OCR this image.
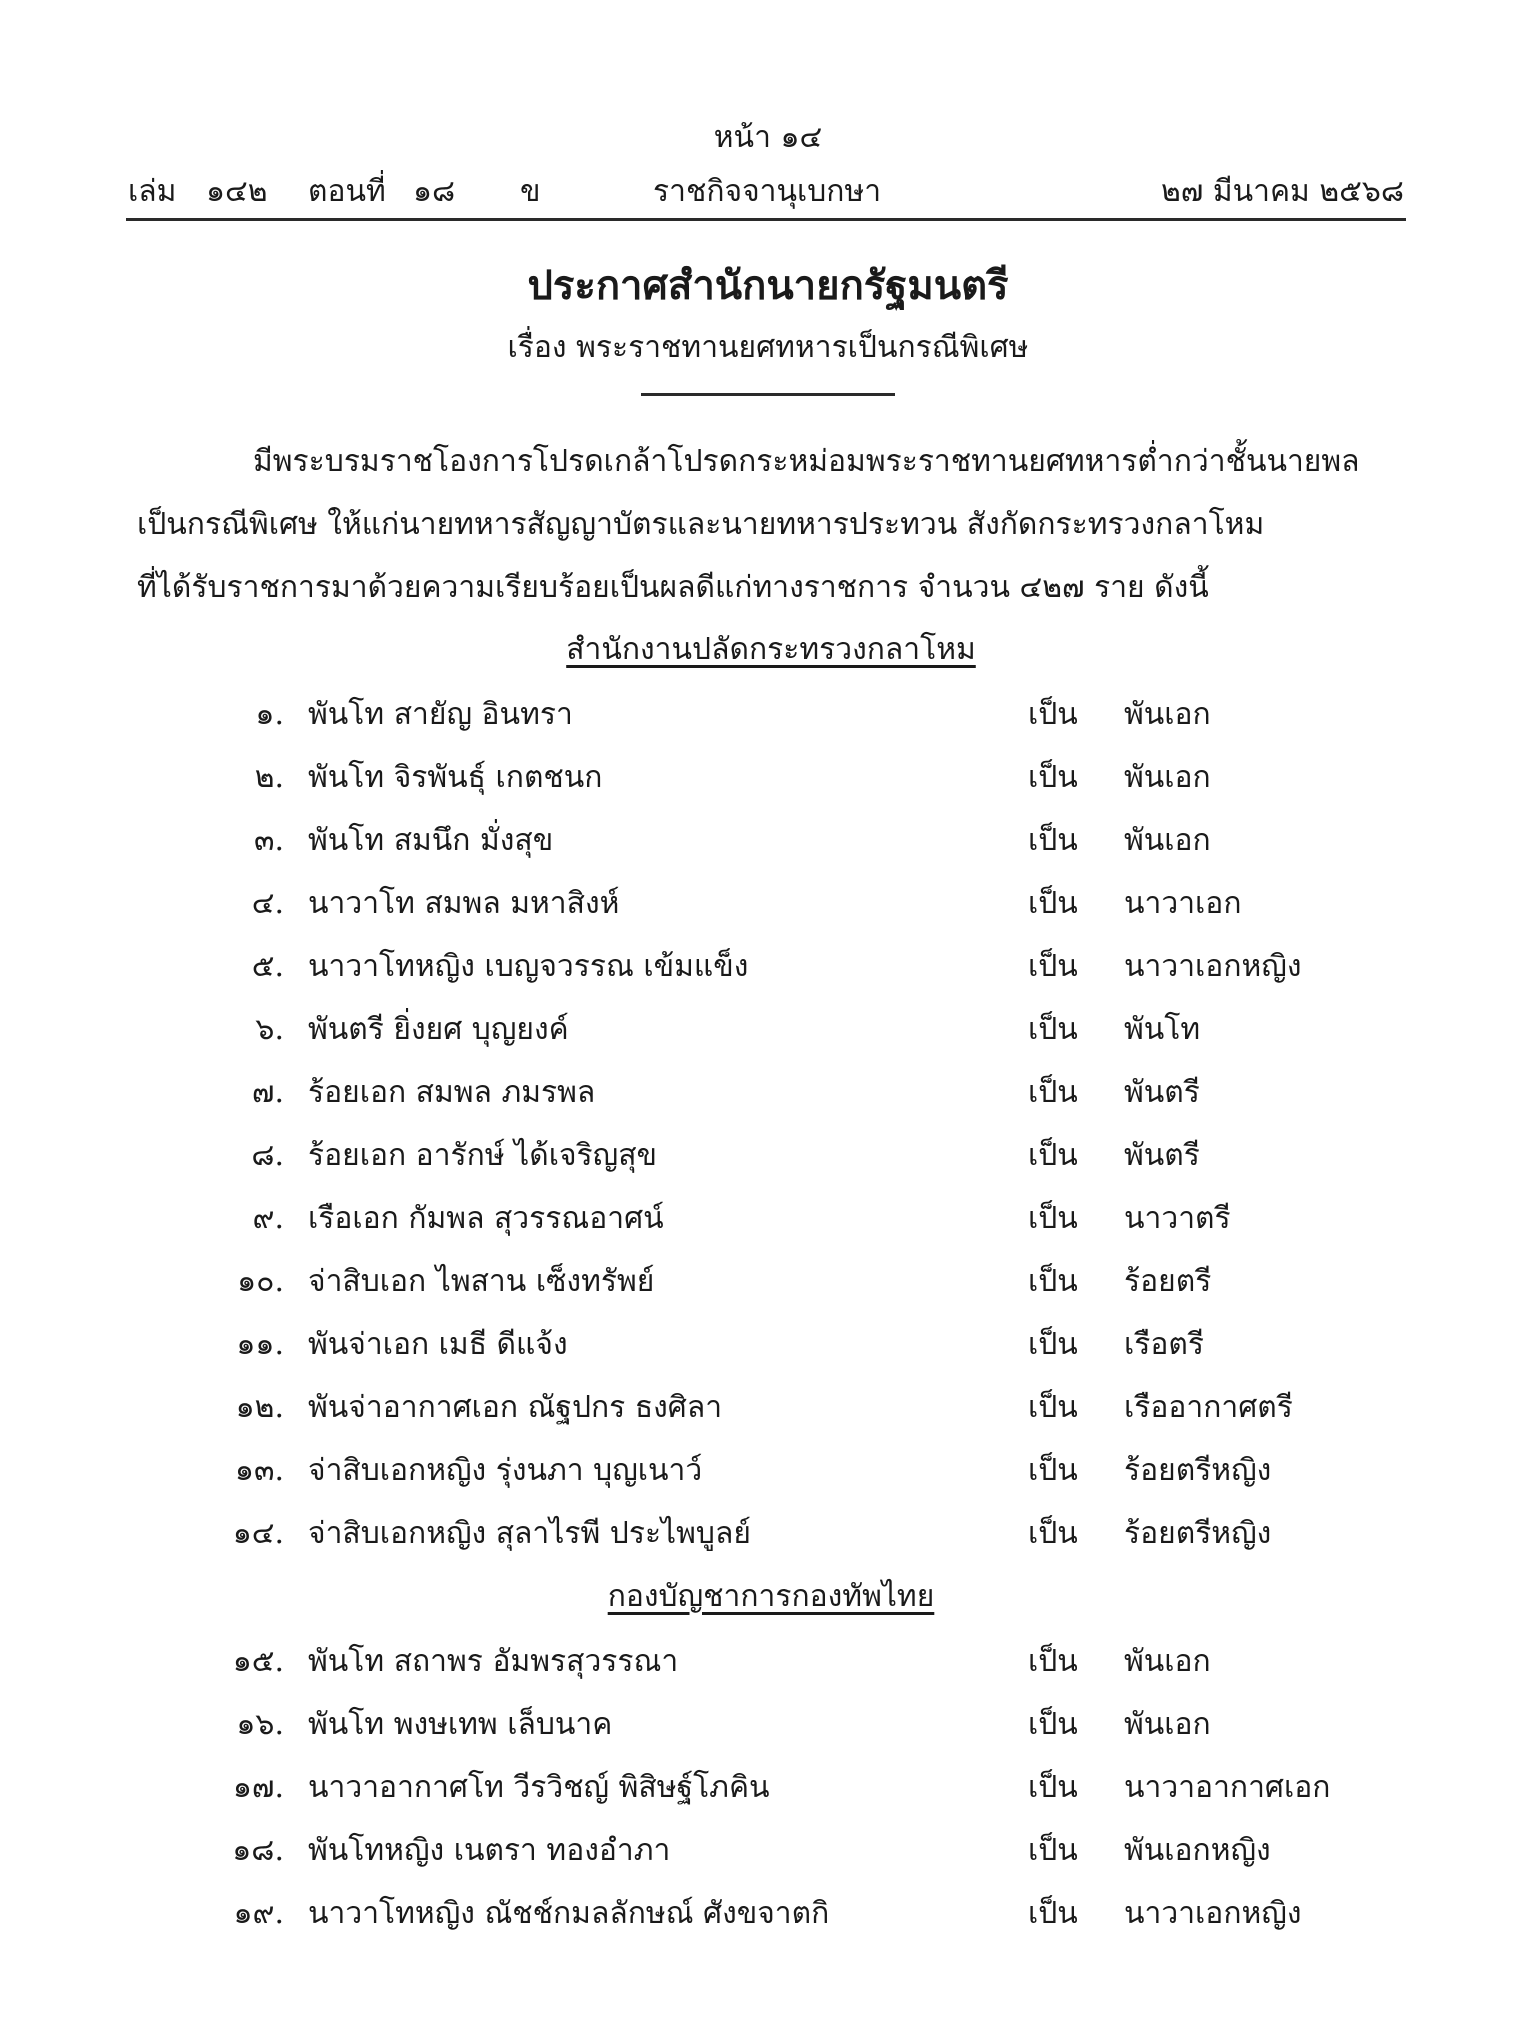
หน้า ๑๔
เล่ม ๑๔๒ ตอนที่ ๑๘ ข	ราชกิจจานุเบกษา	๒๗ มีนาคม ๒๕๖๘
ประกาศสำนักนายกรัฐมนตรี
เรื่อง พระราชทานยศทหารเป็นกรณีพิเศษ
มีพระบรมราชโองการโปรดเกล้าโปรดกระหม่อมพระราชทานยศทหารต่ำกว่าชั้นนายพล
เป็นกรณีพิเศษ ให้แก่นายทหารสัญญาบัตรและนายทหารประทวน สังกัดกระทรวงกลาโหม
ที่ได้รับราชการมาด้วยความเรียบร้อยเป็นผลดีแก่ทางราชการ จำนวน ๔๒๗ ราย ดังนี้
สำนักงานปลัดกระทรวงกลาโหม
๑. พันโท สายัญ อินทรา	เป็น พันเอก
๒. พันโท จิรพันธุ์ เกตชนก	เป็น พันเอก
๓. พันโท สมนึก มั่งสุข	เป็น พันเอก
๔. นาวาโท สมพล มหาสิงห์	เป็น นาวาเอก
๕. นาวาโทหญิง เบญจวรรณ เข้มแข็ง	เป็น นาวาเอกหญิง
๖. พันตรี ยิ่งยศ บุญยงค์	เป็น พันโท
๗. ร้อยเอก สมพล ภมรพล	เป็น พันตรี
๘. ร้อยเอก อารักษ์ ได้เจริญสุข	เป็น พันตรี
๙. เรือเอก กัมพล สุวรรณอาศน์	เป็น นาวาตรี
๑๐. จ่าสิบเอก ไพสาน เซ็งทรัพย์	เป็น ร้อยตรี
๑๑. พันจ่าเอก เมธี ดีแจ้ง	เป็น เรือตรี
๑๒. พันจ่าอากาศเอก ณัฐปกร ธงศิลา	เป็น เรืออากาศตรี
๑๓. จ่าสิบเอกหญิง รุ่งนภา บุญเนาว์	เป็น ร้อยตรีหญิง
๑๔. จ่าสิบเอกหญิง สุลาไรพี ประไพบูลย์	เป็น ร้อยตรีหญิง
กองบัญชาการกองทัพไทย
๑๕. พันโท สถาพร อัมพรสุวรรณา	เป็น พันเอก
๑๖. พันโท พงษเทพ เล็บนาค	เป็น พันเอก
๑๗. นาวาอากาศโท วีรวิชญ์ พิสิษฐ์โภคิน	เป็น นาวาอากาศเอก
๑๘. พันโทหญิง เนตรา ทองอำภา	เป็น พันเอกหญิง
๑๙. นาวาโทหญิง ณัชช์กมลลักษณ์ ศังขจาตกิ	เป็น นาวาเอกหญิง
